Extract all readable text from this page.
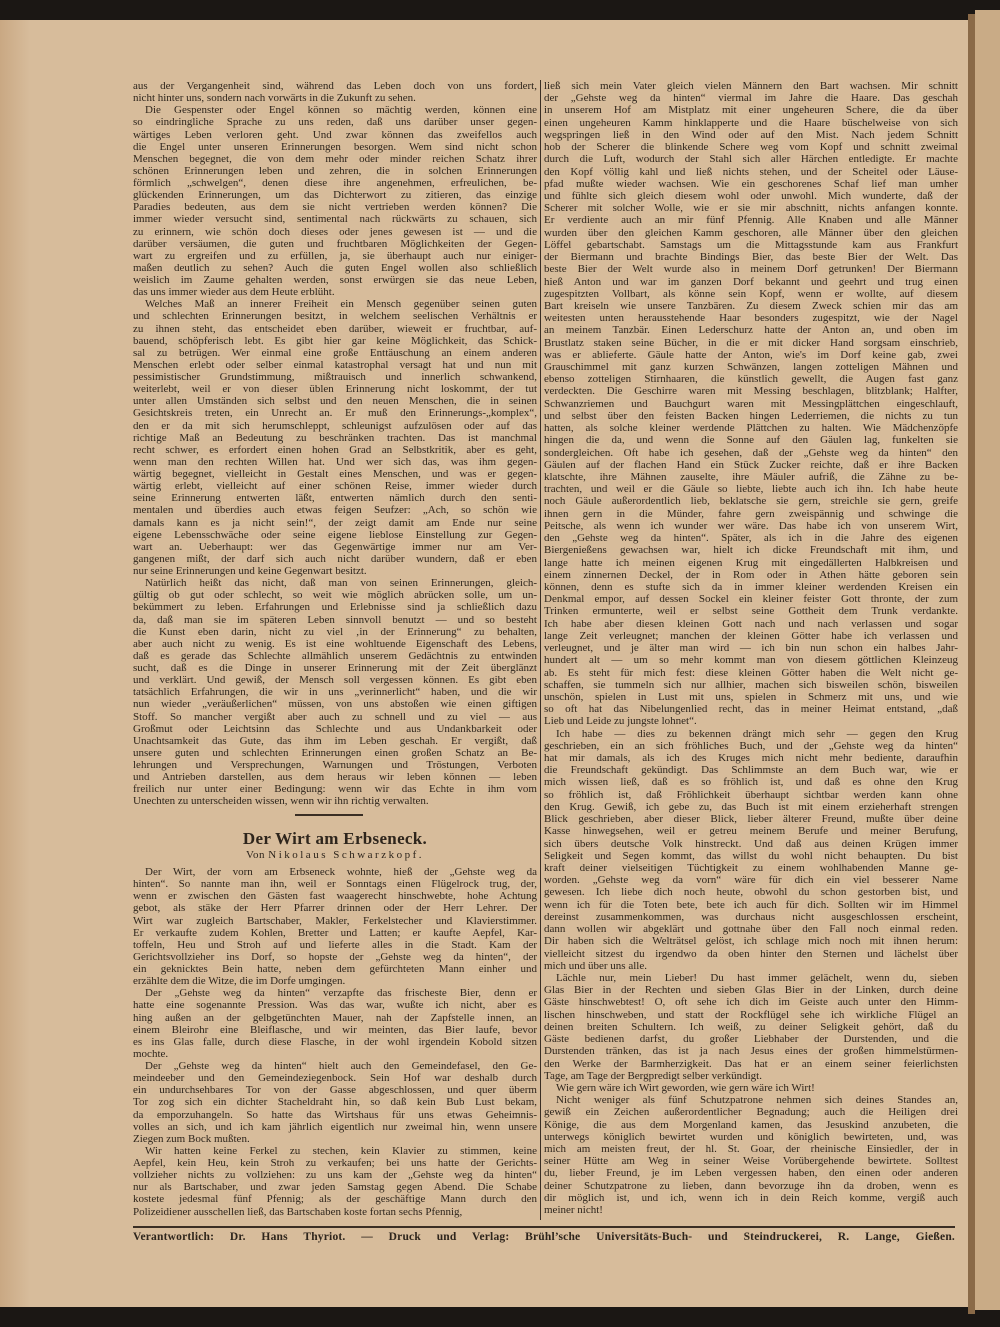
aus der Vergangenheit sind, während das Leben doch von uns fordert,
nicht hinter uns, sondern nach vorwärts in die Zukunft zu sehen.
Die Gespenster oder Engel können so mächtig werden, können eine
so eindringliche Sprache zu uns reden, daß uns darüber unser gegen-
wärtiges Leben verloren geht. Und zwar können das zweifellos auch
die Engel unter unseren Erinnerungen besorgen. Wem sind nicht schon
Menschen begegnet, die von dem mehr oder minder reichen Schatz ihrer
schönen Erinnerungen leben und zehren, die in solchen Erinnerungen
förmlich „schwelgen“, denen diese ihre angenehmen, erfreulichen, be-
glückenden Erinnerungen, um das Dichterwort zu zitieren, das einzige
Paradies bedeuten, aus dem sie nicht vertrieben werden können? Die
immer wieder versucht sind, sentimental nach rückwärts zu schauen, sich
zu erinnern, wie schön doch dieses oder jenes gewesen ist — und die
darüber versäumen, die guten und fruchtbaren Möglichkeiten der Gegen-
wart zu ergreifen und zu erfüllen, ja, sie überhaupt auch nur einiger-
maßen deutlich zu sehen? Auch die guten Engel wollen also schließlich
weislich im Zaume gehalten werden, sonst erwürgen sie das neue Leben,
das uns immer wieder aus dem Heute erblüht.
Welches Maß an innerer Freiheit ein Mensch gegenüber seinen guten
und schlechten Erinnerungen besitzt, in welchem seelischen Verhältnis er
zu ihnen steht, das entscheidet eben darüber, wieweit er fruchtbar, auf-
bauend, schöpferisch lebt. Es gibt hier gar keine Möglichkeit, das Schick-
sal zu betrügen. Wer einmal eine große Enttäuschung an einem anderen
Menschen erlebt oder selber einmal katastrophal versagt hat und nun mit
pessimistischer Grundstimmung, mißtrauisch und innerlich schwankend,
weiterlebt, weil er von dieser üblen Erinnerung nicht loskommt, der tut
unter allen Umständen sich selbst und den neuen Menschen, die in seinen
Gesichtskreis treten, ein Unrecht an. Er muß den Erinnerungs-„komplex“,
den er da mit sich herumschleppt, schleunigst aufzulösen oder auf das
richtige Maß an Bedeutung zu beschränken trachten. Das ist manchmal
recht schwer, es erfordert einen hohen Grad an Selbstkritik, aber es geht,
wenn man den rechten Willen hat. Und wer sich das, was ihm gegen-
wärtig begegnet, vielleicht in Gestalt eines Menschen, und was er gegen-
wärtig erlebt, vielleicht auf einer schönen Reise, immer wieder durch
seine Erinnerung entwerten läßt, entwerten nämlich durch den senti-
mentalen und überdies auch etwas feigen Seufzer: „Ach, so schön wie
damals kann es ja nicht sein!“, der zeigt damit am Ende nur seine
eigene Lebensschwäche oder seine eigene lieblose Einstellung zur Gegen-
wart an. Ueberhaupt: wer das Gegenwärtige immer nur am Ver-
gangenen mißt, der darf sich auch nicht darüber wundern, daß er eben
nur seine Erinnerungen und keine Gegenwart besitzt.
Natürlich heißt das nicht, daß man von seinen Erinnerungen, gleich-
gültig ob gut oder schlecht, so weit wie möglich abrücken solle, um un-
bekümmert zu leben. Erfahrungen und Erlebnisse sind ja schließlich dazu
da, daß man sie im späteren Leben sinnvoll benutzt — und so besteht
die Kunst eben darin, nicht zu viel ‚in der Erinnerung“ zu behalten,
aber auch nicht zu wenig. Es ist eine wohltuende Eigenschaft des Lebens,
daß es gerade das Schlechte allmählich unserem Gedächtnis zu entwinden
sucht, daß es die Dinge in unserer Erinnerung mit der Zeit überglänzt
und verklärt. Und gewiß, der Mensch soll vergessen können. Es gibt eben
tatsächlich Erfahrungen, die wir in uns „verinnerlicht“ haben, und die wir
nun wieder „veräußerlichen“ müssen, von uns abstoßen wie einen giftigen
Stoff. So mancher vergißt aber auch zu schnell und zu viel — aus
Großmut oder Leichtsinn das Schlechte und aus Undankbarkeit oder
Unachtsamkeit das Gute, das ihm im Leben geschah. Er vergißt, daß
unsere guten und schlechten Erinnerungen einen großen Schatz an Be-
lehrungen und Versprechungen, Warnungen und Tröstungen, Verboten
und Antrieben darstellen, aus dem heraus wir leben können — leben
freilich nur unter einer Bedingung: wenn wir das Echte in ihm vom
Unechten zu unterscheiden wissen, wenn wir ihn richtig verwalten.
Der Wirt am Erbseneck.
Von Nikolaus Schwarzkopf.
Der Wirt, der vorn am Erbseneck wohnte, hieß der „Gehste weg da
hinten“. So nannte man ihn, weil er Sonntags einen Flügelrock trug, der,
wenn er zwischen den Gästen fast waagerecht hinschwebte, hohe Achtung
gebot, als stäke der Herr Pfarrer drinnen oder der Herr Lehrer. Der
Wirt war zugleich Bartschaber, Makler, Ferkelstecher und Klavierstimmer.
Er verkaufte zudem Kohlen, Bretter und Latten; er kaufte Aepfel, Kar-
toffeln, Heu und Stroh auf und lieferte alles in die Stadt. Kam der
Gerichtsvollzieher ins Dorf, so hopste der „Gehste weg da hinten“, der
ein geknicktes Bein hatte, neben dem gefürchteten Mann einher und
erzählte dem die Witze, die im Dorfe umgingen.
Der „Gehste weg da hinten“ verzapfte das frischeste Bier, denn er
hatte eine sogenannte Pression. Was das war, wußte ich nicht, aber es
hing außen an der gelbgetünchten Mauer, nah der Zapfstelle innen, an
einem Bleirohr eine Bleiflasche, und wir meinten, das Bier laufe, bevor
es ins Glas falle, durch diese Flasche, in der wohl irgendein Kobold sitzen
mochte.
Der „Gehste weg da hinten“ hielt auch den Gemeindefasel, den Ge-
meindeeber und den Gemeindeziegenbock. Sein Hof war deshalb durch
ein undurchsehbares Tor von der Gasse abgeschlossen, und quer überm
Tor zog sich ein dichter Stacheldraht hin, so daß kein Bub Lust bekam,
da emporzuhangeln. So hatte das Wirtshaus für uns etwas Geheimnis-
volles an sich, und ich kam jährlich eigentlich nur zweimal hin, wenn unsere
Ziegen zum Bock mußten.
Wir hatten keine Ferkel zu stechen, kein Klavier zu stimmen, keine
Aepfel, kein Heu, kein Stroh zu verkaufen; bei uns hatte der Gerichts-
vollzieher nichts zu vollziehen: zu uns kam der „Gehste weg da hinten“
nur als Bartschaber, und zwar jeden Samstag gegen Abend. Die Schabe
kostete jedesmal fünf Pfennig; als der geschäftige Mann durch den
Polizeidiener ausschellen ließ, das Bartschaben koste fortan sechs Pfennig,
ließ sich mein Vater gleich vielen Männern den Bart wachsen. Mir schnitt
der „Gehste weg da hinten“ viermal im Jahre die Haare. Das geschah
in unserem Hof am Mistplatz mit einer ungeheuren Schere, die da über
einen ungeheuren Kamm hinklapperte und die Haare büschelweise von sich
wegspringen ließ in den Wind oder auf den Mist. Nach jedem Schnitt
hob der Scherer die blinkende Schere weg vom Kopf und schnitt zweimal
durch die Luft, wodurch der Stahl sich aller Härchen entledigte. Er machte
den Kopf völlig kahl und ließ nichts stehen, und der Scheitel oder Läuse-
pfad mußte wieder wachsen. Wie ein geschorenes Schaf lief man umher
und fühlte sich gleich diesem wohl oder unwohl. Mich wunderte, daß der
Scherer mit solcher Wolle, wie er sie mir abschnitt, nichts anfangen konnte.
Er verdiente auch an mir fünf Pfennig. Alle Knaben und alle Männer
wurden über den gleichen Kamm geschoren, alle Männer über den gleichen
Löffel gebartschabt. Samstags um die Mittagsstunde kam aus Frankfurt
der Biermann und brachte Bindings Bier, das beste Bier der Welt. Das
beste Bier der Welt wurde also in meinem Dorf getrunken! Der Biermann
hieß Anton und war im ganzen Dorf bekannt und geehrt und trug einen
zugespitzten Vollbart, als könne sein Kopf, wenn er wollte, auf diesem
Bart kreiseln wie unsere Tanzbären. Zu diesem Zweck schien mir das am
weitesten unten herausstehende Haar besonders zugespitzt, wie der Nagel
an meinem Tanzbär. Einen Lederschurz hatte der Anton an, und oben im
Brustlatz staken seine Bücher, in die er mit dicker Hand sorgsam einschrieb,
was er ablieferte. Gäule hatte der Anton, wie's im Dorf keine gab, zwei
Grauschimmel mit ganz kurzen Schwänzen, langen zotteligen Mähnen und
ebenso zotteligen Stirnhaaren, die künstlich gewellt, die Augen fast ganz
verdeckten. Die Geschirre waren mit Messing beschlagen, blitzblank; Halfter,
Schwanzriemen und Bauchgurt waren mit Messingplättchen eingeschlauft,
und selbst über den feisten Backen hingen Lederriemen, die nichts zu tun
hatten, als solche kleiner werdende Plättchen zu halten. Wie Mädchenzöpfe
hingen die da, und wenn die Sonne auf den Gäulen lag, funkelten sie
sondergleichen. Oft habe ich gesehen, daß der „Gehste weg da hinten“ den
Gäulen auf der flachen Hand ein Stück Zucker reichte, daß er ihre Backen
klatschte, ihre Mähnen zauselte, ihre Mäuler aufriß, die Zähne zu be-
trachten, und weil er die Gäule so liebte, liebte auch ich ihn. Ich habe heute
noch Gäule außerordentlich lieb, beklatsche sie gern, streichle sie gern, greife
ihnen gern in die Münder, fahre gern zweispännig und schwinge die
Peitsche, als wenn ich wunder wer wäre. Das habe ich von unserem Wirt,
den „Gehste weg da hinten“. Später, als ich in die Jahre des eigenen
Biergenießens gewachsen war, hielt ich dicke Freundschaft mit ihm, und
lange hatte ich meinen eigenen Krug mit eingedällerten Halbkreisen und
einem zinnernen Deckel, der in Rom oder in Athen hätte geboren sein
können, denn es stufte sich da in immer kleiner werdenden Kreisen ein
Denkmal empor, auf dessen Sockel ein kleiner feister Gott thronte, der zum
Trinken ermunterte, weil er selbst seine Gottheit dem Trunk verdankte.
Ich habe aber diesen kleinen Gott nach und nach verlassen und sogar
lange Zeit verleugnet; manchen der kleinen Götter habe ich verlassen und
verleugnet, und je älter man wird — ich bin nun schon ein halbes Jahr-
hundert alt — um so mehr kommt man von diesem göttlichen Kleinzeug
ab. Es steht für mich fest: diese kleinen Götter haben die Welt nicht ge-
schaffen, sie tummeln sich nur allhier, machen sich bisweilen schön, bisweilen
unschön, spielen in Lust mit uns, spielen in Schmerz mit uns, und wie
so oft hat das Nibelungenlied recht, das in meiner Heimat entstand, „daß
Lieb und Leide zu jungste lohnet“.
Ich habe — dies zu bekennen drängt mich sehr — gegen den Krug
geschrieben, ein an sich fröhliches Buch, und der „Gehste weg da hinten“
hat mir damals, als ich des Kruges mich nicht mehr bediente, daraufhin
die Freundschaft gekündigt. Das Schlimmste an dem Buch war, wie er
mich wissen ließ, daß es so fröhlich ist, und daß es ohne den Krug
so fröhlich ist, daß Fröhlichkeit überhaupt sichtbar werden kann ohne
den Krug. Gewiß, ich gebe zu, das Buch ist mit einem erzieherhaft strengen
Blick geschrieben, aber dieser Blick, lieber älterer Freund, mußte über deine
Kasse hinwegsehen, weil er getreu meinem Berufe und meiner Berufung,
sich übers deutsche Volk hinstreckt. Und daß aus deinen Krügen immer
Seligkeit und Segen kommt, das willst du wohl nicht behaupten. Du bist
kraft deiner vielseitigen Tüchtigkeit zu einem wohlhabenden Manne ge-
worden. „Gehste weg da vorn“ wäre für dich ein viel besserer Name
gewesen. Ich liebe dich noch heute, obwohl du schon gestorben bist, und
wenn ich für die Toten bete, bete ich auch für dich. Sollten wir im Himmel
dereinst zusammenkommen, was durchaus nicht ausgeschlossen erscheint,
dann wollen wir abgeklärt und gottnahe über den Fall noch einmal reden.
Dir haben sich die Welträtsel gelöst, ich schlage mich noch mit ihnen herum:
vielleicht sitzest du irgendwo da oben hinter den Sternen und lächelst über
mich und über uns alle.
Lächle nur, mein Lieber! Du hast immer gelächelt, wenn du, sieben
Glas Bier in der Rechten und sieben Glas Bier in der Linken, durch deine
Gäste hinschwebtest! O, oft sehe ich dich im Geiste auch unter den Himm-
lischen hinschweben, und statt der Rockflügel sehe ich wirkliche Flügel an
deinen breiten Schultern. Ich weiß, zu deiner Seligkeit gehört, daß du
Gäste bedienen darfst, du großer Liebhaber der Durstenden, und die
Durstenden tränken, das ist ja nach Jesus eines der großen himmelstürmen-
den Werke der Barmherzigkeit. Das hat er an einem seiner feierlichsten
Tage, am Tage der Bergpredigt selber verkündigt.
Wie gern wäre ich Wirt geworden, wie gern wäre ich Wirt!
Nicht weniger als fünf Schutzpatrone nehmen sich deines Standes an,
gewiß ein Zeichen außerordentlicher Begnadung; auch die Heiligen drei
Könige, die aus dem Morgenland kamen, das Jesuskind anzubeten, die
unterwegs königlich bewirtet wurden und königlich bewirteten, und, was
mich am meisten freut, der hl. St. Goar, der rheinische Einsiedler, der in
seiner Hütte am Weg in seiner Weise Vorübergehende bewirtete. Solltest
du, lieber Freund, je im Leben vergessen haben, den einen oder anderen
deiner Schutzpatrone zu lieben, dann bevorzuge ihn da droben, wenn es
dir möglich ist, und ich, wenn ich in dein Reich komme, vergiß auch
meiner nicht!
Verantwortlich: Dr. Hans Thyriot. — Druck und Verlag: Brühl’sche Universitäts-Buch- und Steindruckerei, R. Lange, Gießen.
